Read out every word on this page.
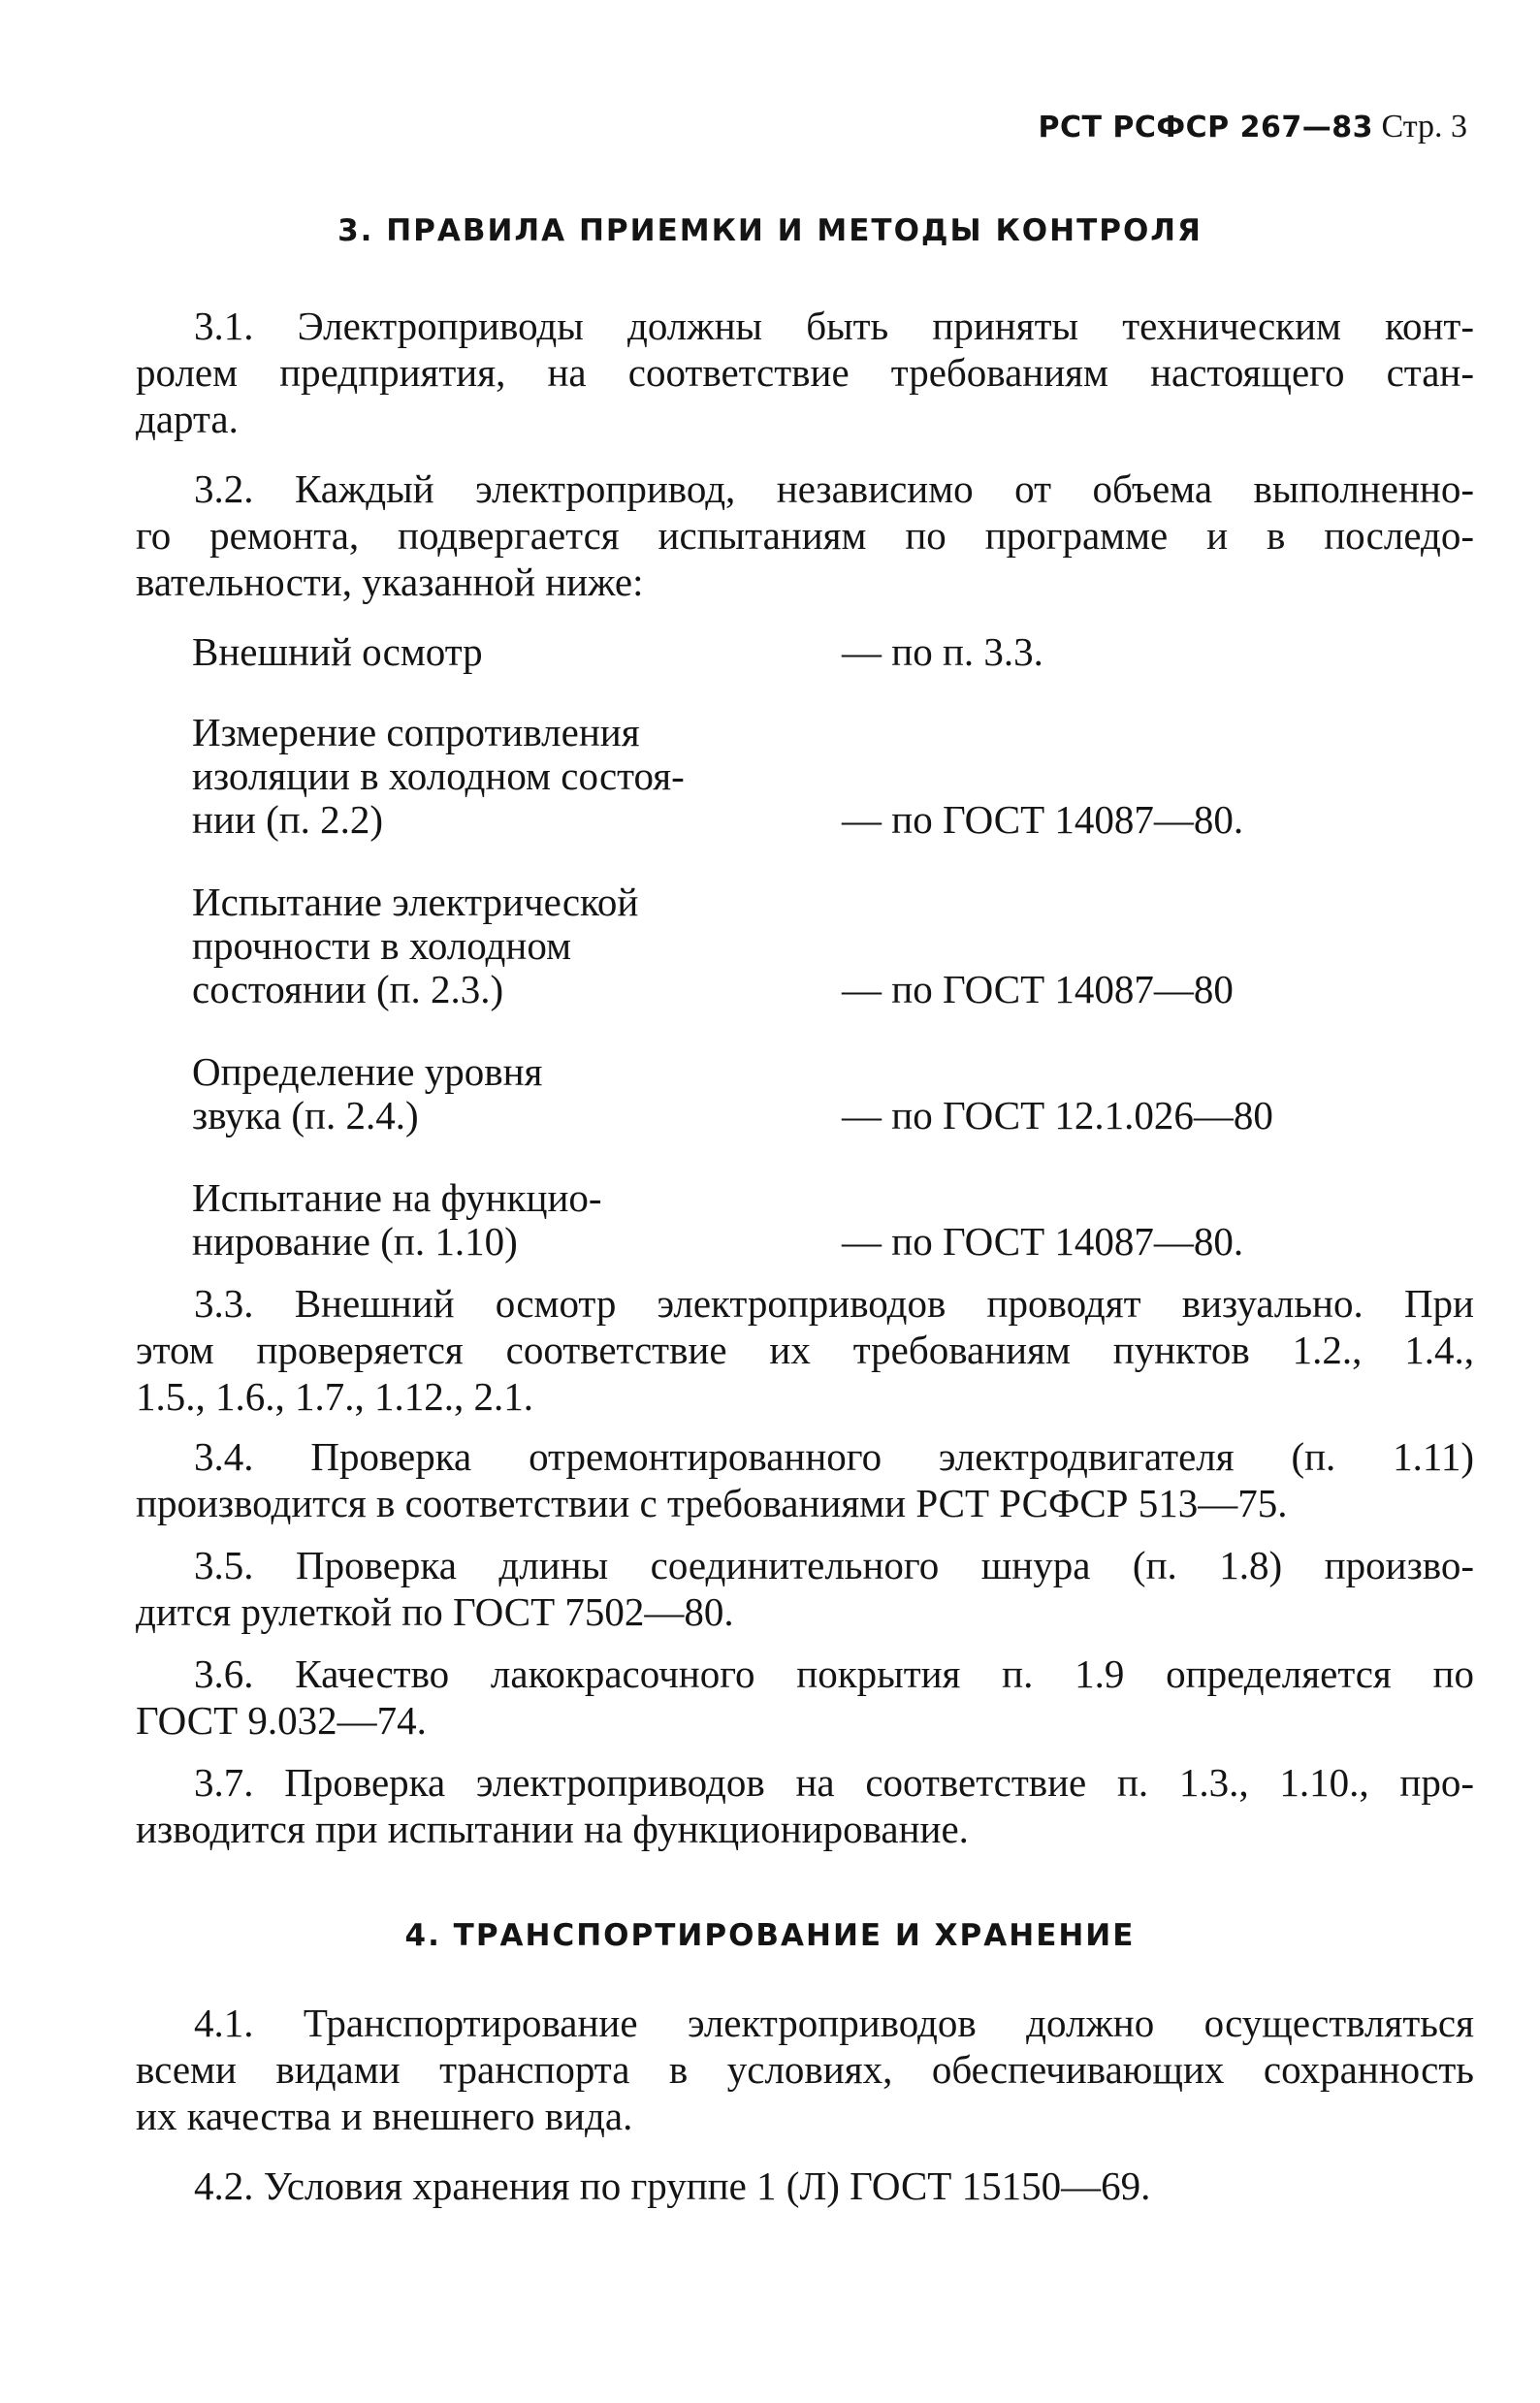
РСТ РСФСР 267—83 Стр. 3
3. ПРАВИЛА ПРИЕМКИ И МЕТОДЫ КОНТРОЛЯ
3.1. Электроприводы должны быть приняты техническим конт-
ролем предприятия, на соответствие требованиям настоящего стан-
дарта.
3.2. Каждый электропривод, независимо от объема выполненно-
го ремонта, подвергается испытаниям по программе и в последо-
вательности, указанной ниже:
Внешний осмотр	— по п. 3.3.
Измерение сопротивления
изоляции в холодном состоя-
нии (п. 2.2)	— по ГОСТ 14087—80.
Испытание электрической
прочности в холодном
состоянии (п. 2.3.)	— по ГОСТ 14087—80
Определение уровня
звука (п. 2.4.)	— по ГОСТ 12.1.026—80
Испытание на функцио-
нирование (п. 1.10)	— по ГОСТ 14087—80.
3.3. Внешний осмотр электроприводов проводят визуально. При
этом проверяется соответствие их требованиям пунктов 1.2., 1.4.,
1.5., 1.6., 1.7., 1.12., 2.1.
3.4. Проверка отремонтированного электродвигателя (п. 1.11)
производится в соответствии с требованиями РСТ РСФСР 513—75.
3.5. Проверка длины соединительного шнура (п. 1.8) произво-
дится рулеткой по ГОСТ 7502—80.
3.6. Качество лакокрасочного покрытия п. 1.9 определяется по
ГОСТ 9.032—74.
3.7. Проверка электроприводов на соответствие п. 1.3., 1.10., про-
изводится при испытании на функционирование.
4. ТРАНСПОРТИРОВАНИЕ И ХРАНЕНИЕ
4.1. Транспортирование электроприводов должно осуществляться
всеми видами транспорта в условиях, обеспечивающих сохранность
их качества и внешнего вида.
4.2. Условия хранения по группе 1 (Л) ГОСТ 15150—69.
